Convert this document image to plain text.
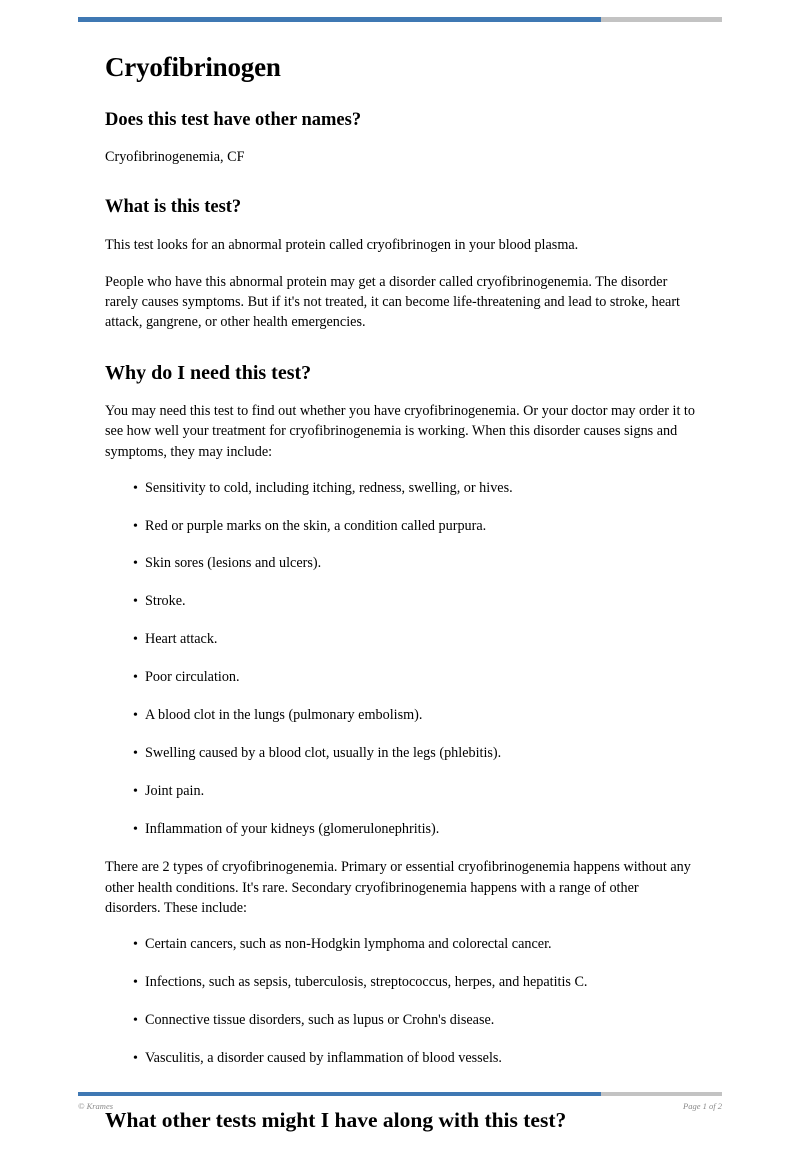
Cryofibrinogen
Does this test have other names?

Cryofibrinogenemia, CF

What is this test?

This test looks for an abnormal protein called cryofibrinogen in your blood plasma.

People who have this abnormal protein may get a disorder called cryofibrinogenemia. The disorder rarely causes symptoms. But if it's not treated, it can become life-threatening and lead to stroke, heart attack, gangrene, or other health emergencies.

Why do I need this test?

You may need this test to find out whether you have cryofibrinogenemia. Or your doctor may order it to see how well your treatment for cryofibrinogenemia is working. When this disorder causes signs and symptoms, they may include:

• Sensitivity to cold, including itching, redness, swelling, or hives.
• Red or purple marks on the skin, a condition called purpura.
• Skin sores (lesions and ulcers).
• Stroke.
• Heart attack.
• Poor circulation.
• A blood clot in the lungs (pulmonary embolism).
• Swelling caused by a blood clot, usually in the legs (phlebitis).
• Joint pain.
• Inflammation of your kidneys (glomerulonephritis).

There are 2 types of cryofibrinogenemia. Primary or essential cryofibrinogenemia happens without any other health conditions. It's rare. Secondary cryofibrinogenemia happens with a range of other disorders. These include:

• Certain cancers, such as non-Hodgkin lymphoma and colorectal cancer.
• Infections, such as sepsis, tuberculosis, streptococcus, herpes, and hepatitis C.
• Connective tissue disorders, such as lupus or Crohn's disease.
• Vasculitis, a disorder caused by inflammation of blood vessels.
What other tests might I have along with this test?
© Krames	Page 1 of 2
